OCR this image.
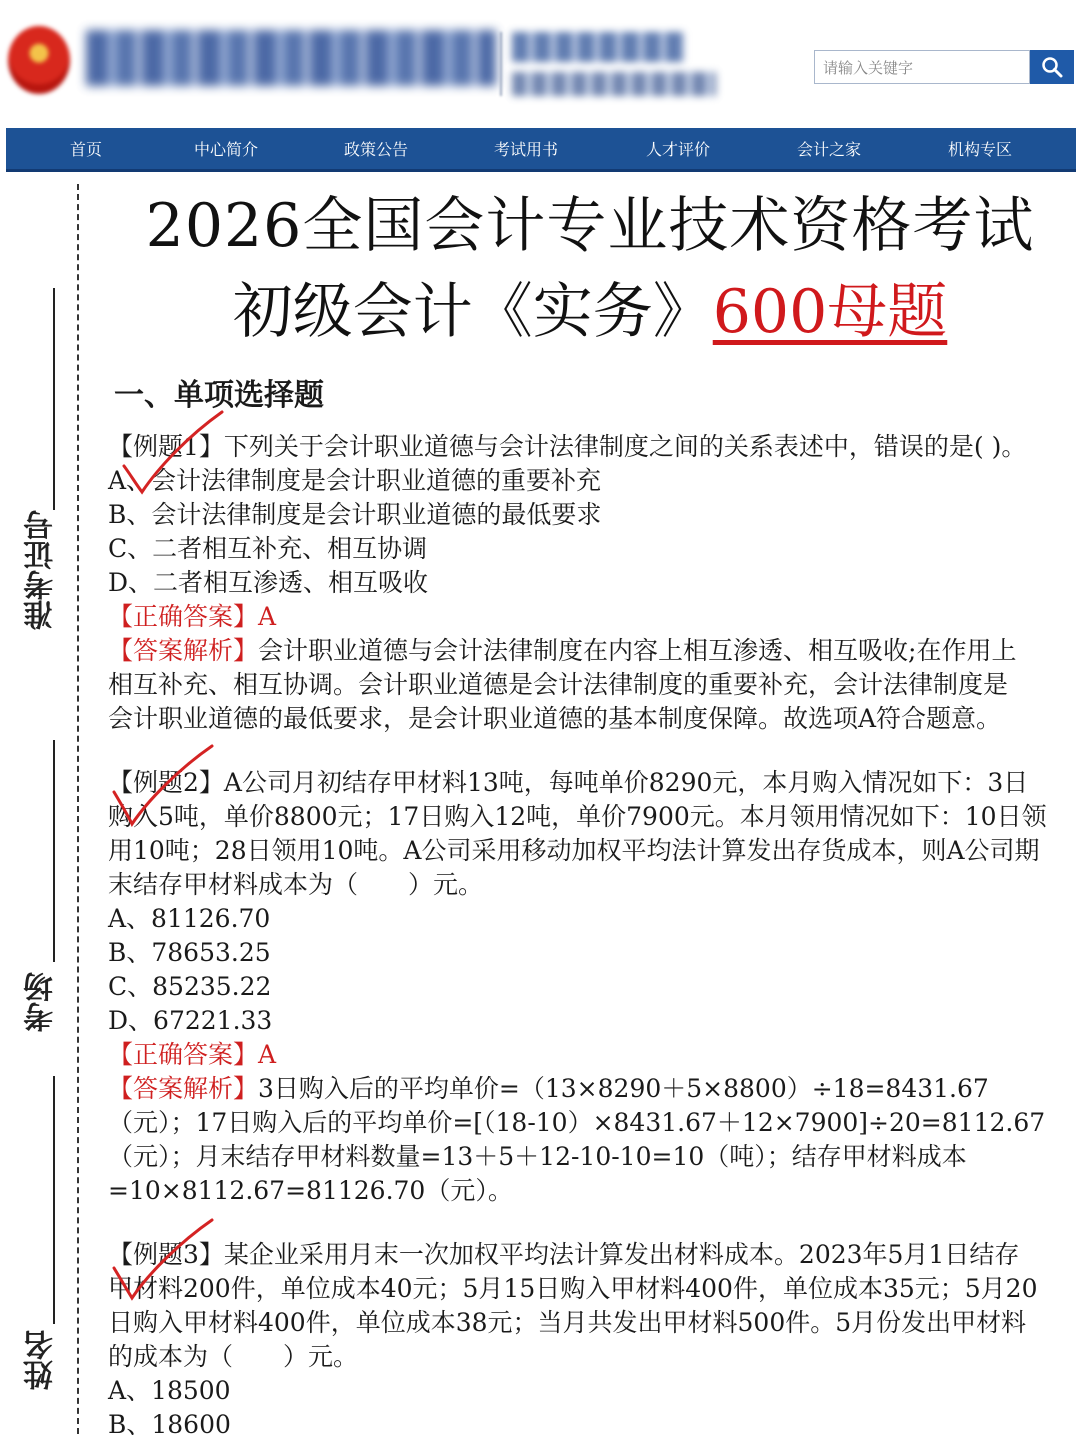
请输入关键字
首页	中心简介	政策公告	考试用书	人才评价	会计之家	机构专区
准考证号
考场
姓名
2026全国会计专业技术资格考试
初级会计《实务》600母题
一、单项选择题
【例题1】下列关于会计职业道德与会计法律制度之间的关系表述中，错误的是( )。
A、会计法律制度是会计职业道德的重要补充
B、会计法律制度是会计职业道德的最低要求
C、二者相互补充、相互协调
D、二者相互渗透、相互吸收
【正确答案】A
【答案解析】会计职业道德与会计法律制度在内容上相互渗透、相互吸收;在作用上
相互补充、相互协调。会计职业道德是会计法律制度的重要补充，会计法律制度是
会计职业道德的最低要求，是会计职业道德的基本制度保障。故选项A符合题意。
【例题2】A公司月初结存甲材料13吨，每吨单价8290元，本月购入情况如下：3日
购入5吨，单价8800元；17日购入12吨，单价7900元。本月领用情况如下：10日领
用10吨；28日领用10吨。A公司采用移动加权平均法计算发出存货成本，则A公司期
末结存甲材料成本为（　　）元。
A、81126.70
B、78653.25
C、85235.22
D、67221.33
【正确答案】A
【答案解析】3日购入后的平均单价=（13×8290＋5×8800）÷18=8431.67
（元）；17日购入后的平均单价=[（18-10）×8431.67＋12×7900]÷20=8112.67
（元）；月末结存甲材料数量=13＋5＋12-10-10=10（吨）；结存甲材料成本
=10×8112.67=81126.70（元）。
【例题3】某企业采用月末一次加权平均法计算发出材料成本。2023年5月1日结存
甲材料200件，单位成本40元；5月15日购入甲材料400件，单位成本35元；5月20
日购入甲材料400件，单位成本38元；当月共发出甲材料500件。5月份发出甲材料
的成本为（　　）元。
A、18500
B、18600
